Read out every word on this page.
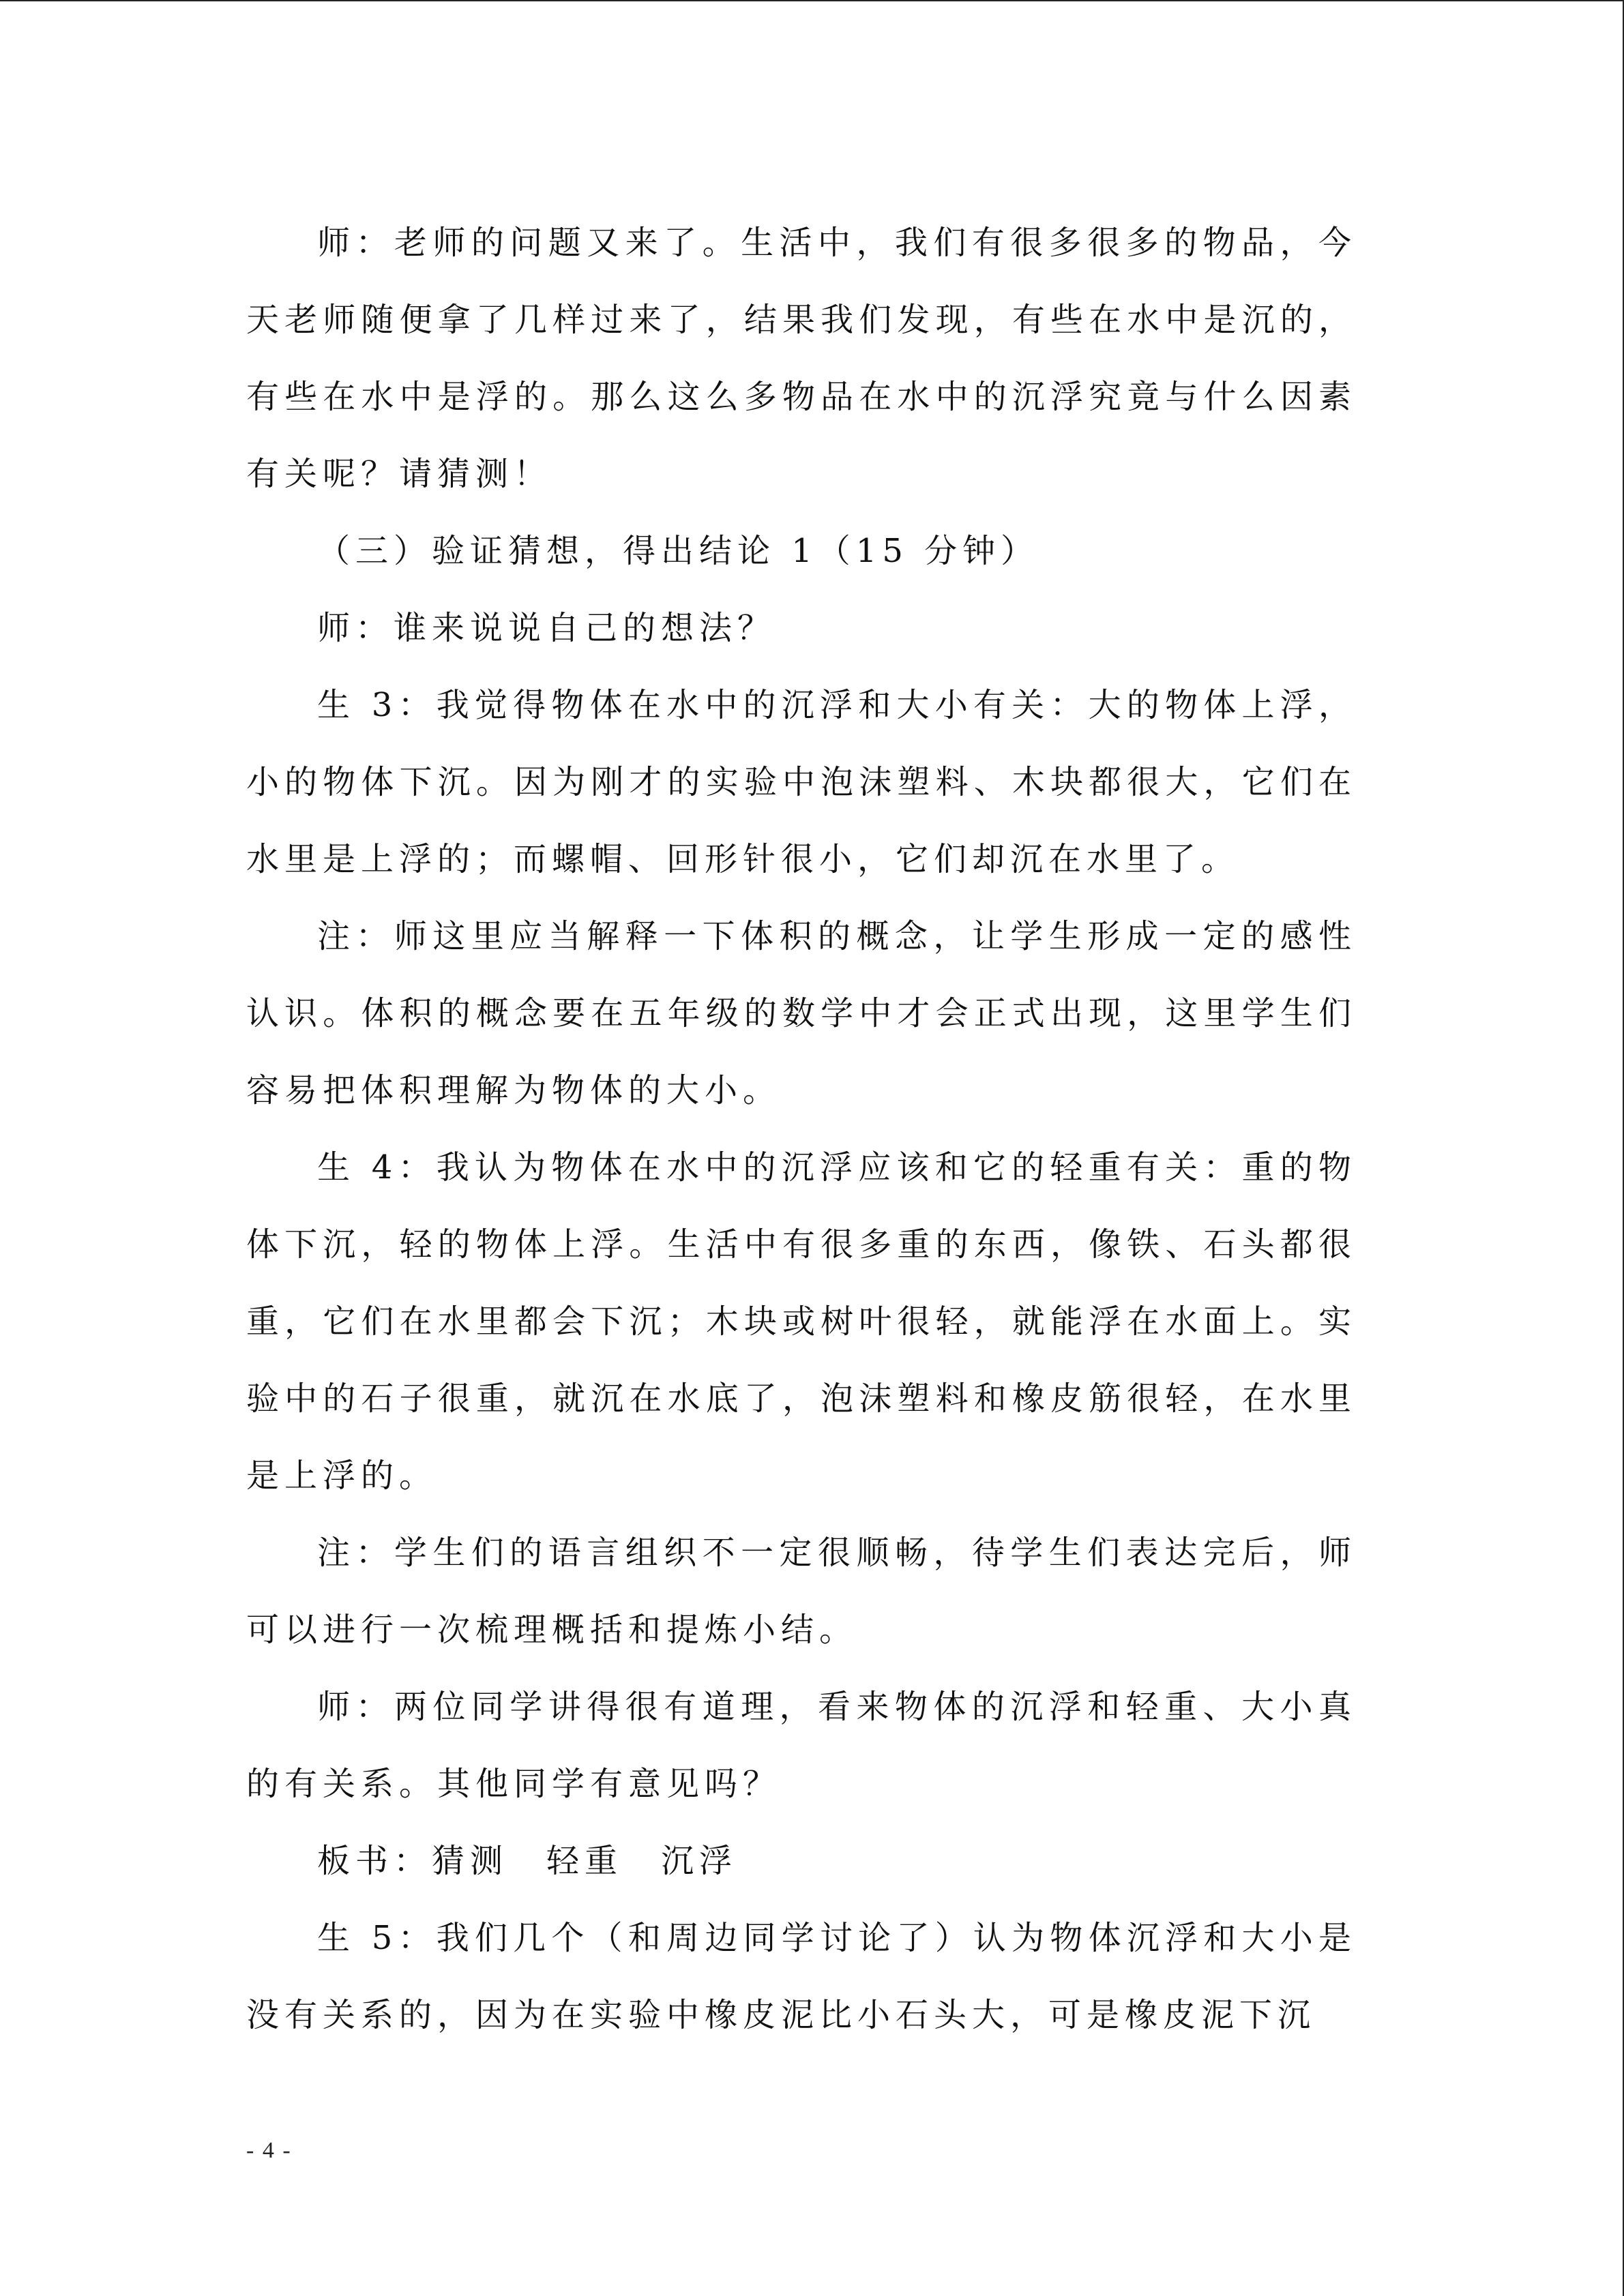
师：老师的问题又来了。生活中，我们有很多很多的物品，今天老师随便拿了几样过来了，结果我们发现，有些在水中是沉的，有些在水中是浮的。那么这么多物品在水中的沉浮究竟与什么因素有关呢？请猜测！

（三）验证猜想，得出结论 1（15 分钟）

师：谁来说说自己的想法？

生 3：我觉得物体在水中的沉浮和大小有关：大的物体上浮，小的物体下沉。因为刚才的实验中泡沫塑料、木块都很大，它们在水里是上浮的；而螺帽、回形针很小，它们却沉在水里了。

注：师这里应当解释一下体积的概念，让学生形成一定的感性认识。体积的概念要在五年级的数学中才会正式出现，这里学生们容易把体积理解为物体的大小。

生 4：我认为物体在水中的沉浮应该和它的轻重有关：重的物体下沉，轻的物体上浮。生活中有很多重的东西，像铁、石头都很重，它们在水里都会下沉；木块或树叶很轻，就能浮在水面上。实验中的石子很重，就沉在水底了，泡沫塑料和橡皮筋很轻，在水里是上浮的。

注：学生们的语言组织不一定很顺畅，待学生们表达完后，师可以进行一次梳理概括和提炼小结。

师：两位同学讲得很有道理，看来物体的沉浮和轻重、大小真的有关系。其他同学有意见吗？

板书：猜测　轻重　沉浮

生 5：我们几个（和周边同学讨论了）认为物体沉浮和大小是没有关系的，因为在实验中橡皮泥比小石头大，可是橡皮泥下沉

- 4 -
